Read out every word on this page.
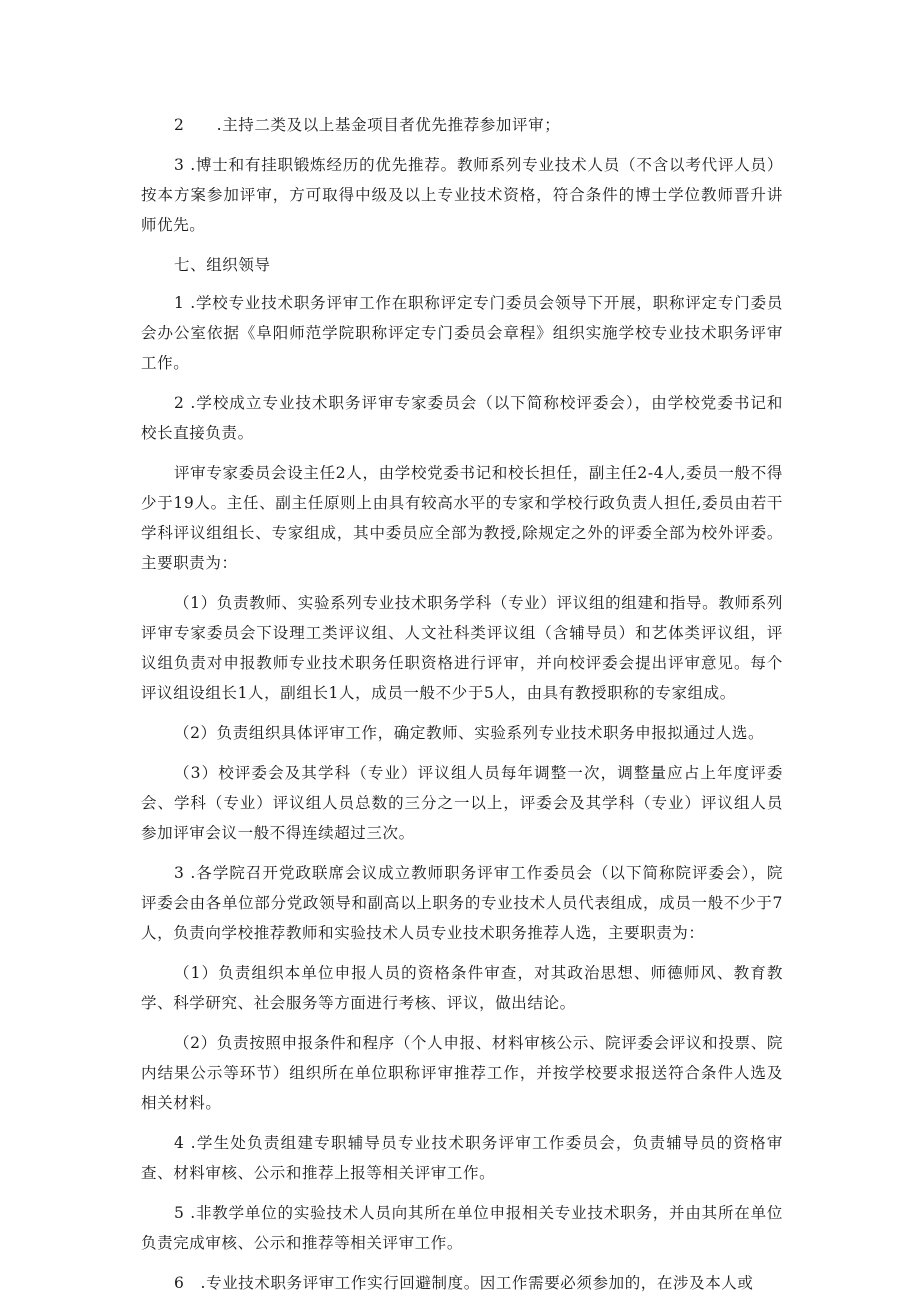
2　　.主持二类及以上基金项目者优先推荐参加评审；

3 .博士和有挂职锻炼经历的优先推荐。教师系列专业技术人员（不含以考代评人员）按本方案参加评审，方可取得中级及以上专业技术资格，符合条件的博士学位教师晋升讲师优先。

七、组织领导

1 .学校专业技术职务评审工作在职称评定专门委员会领导下开展，职称评定专门委员会办公室依据《阜阳师范学院职称评定专门委员会章程》组织实施学校专业技术职务评审工作。

2 .学校成立专业技术职务评审专家委员会（以下简称校评委会），由学校党委书记和校长直接负责。

评审专家委员会设主任2人，由学校党委书记和校长担任，副主任2-4人,委员一般不得少于19人。主任、副主任原则上由具有较高水平的专家和学校行政负责人担任,委员由若干学科评议组组长、专家组成，其中委员应全部为教授,除规定之外的评委全部为校外评委。主要职责为：

（1）负责教师、实验系列专业技术职务学科（专业）评议组的组建和指导。教师系列评审专家委员会下设理工类评议组、人文社科类评议组（含辅导员）和艺体类评议组，评议组负责对申报教师专业技术职务任职资格进行评审，并向校评委会提出评审意见。每个评议组设组长1人，副组长1人，成员一般不少于5人，由具有教授职称的专家组成。

（2）负责组织具体评审工作，确定教师、实验系列专业技术职务申报拟通过人选。

（3）校评委会及其学科（专业）评议组人员每年调整一次，调整量应占上年度评委会、学科（专业）评议组人员总数的三分之一以上，评委会及其学科（专业）评议组人员参加评审会议一般不得连续超过三次。

3 .各学院召开党政联席会议成立教师职务评审工作委员会（以下简称院评委会），院评委会由各单位部分党政领导和副高以上职务的专业技术人员代表组成，成员一般不少于7人，负责向学校推荐教师和实验技术人员专业技术职务推荐人选，主要职责为：

（1）负责组织本单位申报人员的资格条件审查，对其政治思想、师德师风、教育教学、科学研究、社会服务等方面进行考核、评议，做出结论。

（2）负责按照申报条件和程序（个人申报、材料审核公示、院评委会评议和投票、院内结果公示等环节）组织所在单位职称评审推荐工作，并按学校要求报送符合条件人选及相关材料。

4 .学生处负责组建专职辅导员专业技术职务评审工作委员会，负责辅导员的资格审查、材料审核、公示和推荐上报等相关评审工作。

5 .非教学单位的实验技术人员向其所在单位申报相关专业技术职务，并由其所在单位负责完成审核、公示和推荐等相关评审工作。

6　.专业技术职务评审工作实行回避制度。因工作需要必须参加的，在涉及本人或
